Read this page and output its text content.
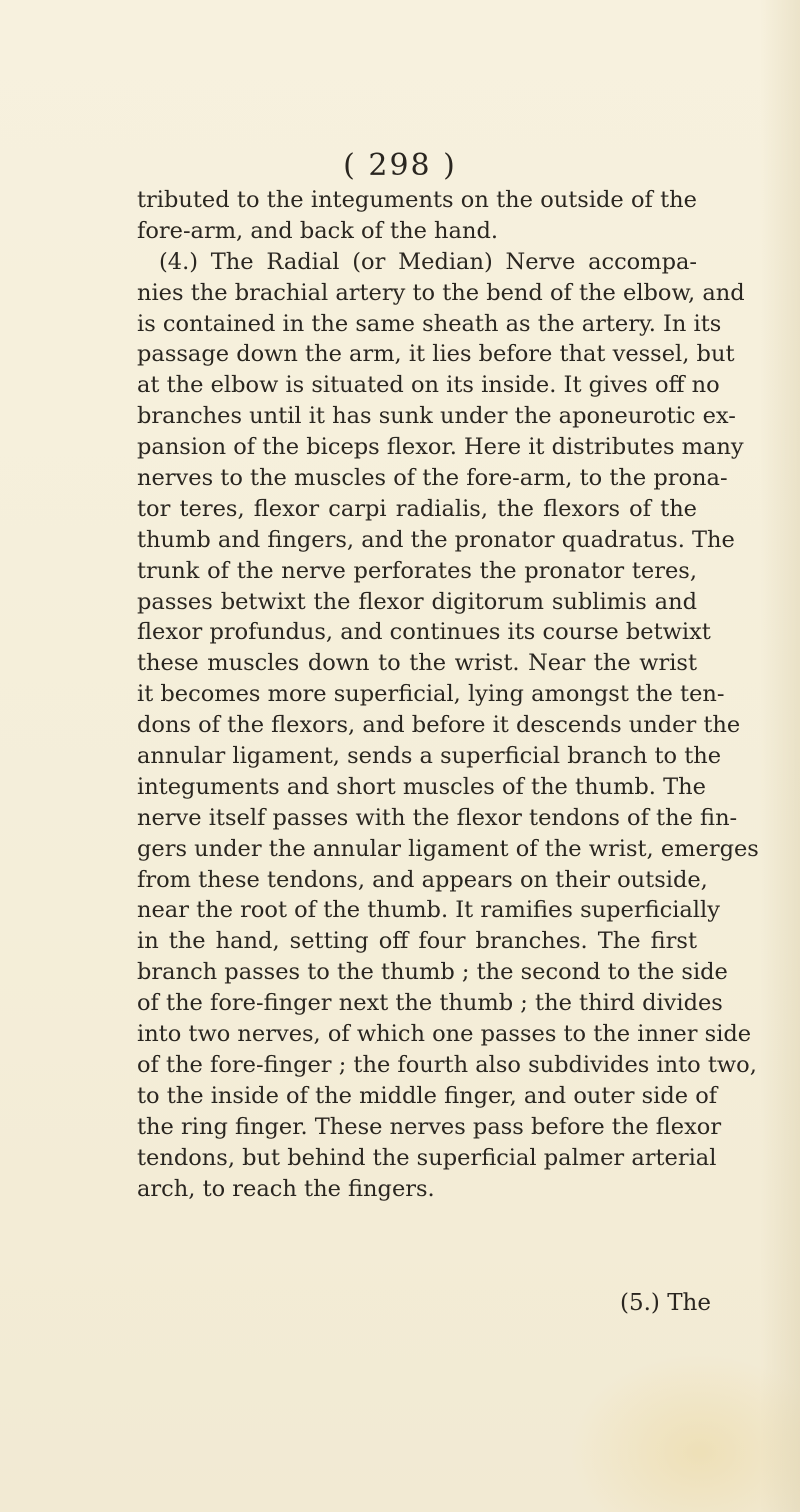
( 298 )
tributed to the integuments on the outside of the
fore-arm, and back of the hand.
(4.) The Radial (or Median) Nerve accompa-
nies the brachial artery to the bend of the elbow, and
is contained in the same sheath as the artery. In its
passage down the arm, it lies before that vessel, but
at the elbow is situated on its inside. It gives off no
branches until it has sunk under the aponeurotic ex-
pansion of the biceps flexor. Here it distributes many
nerves to the muscles of the fore-arm, to the prona-
tor teres, flexor carpi radialis, the flexors of the
thumb and fingers, and the pronator quadratus. The
trunk of the nerve perforates the pronator teres,
passes betwixt the flexor digitorum sublimis and
flexor profundus, and continues its course betwixt
these muscles down to the wrist. Near the wrist
it becomes more superficial, lying amongst the ten-
dons of the flexors, and before it descends under the
annular ligament, sends a superficial branch to the
integuments and short muscles of the thumb. The
nerve itself passes with the flexor tendons of the fin-
gers under the annular ligament of the wrist, emerges
from these tendons, and appears on their outside,
near the root of the thumb. It ramifies superficially
in the hand, setting off four branches. The first
branch passes to the thumb ; the second to the side
of the fore-finger next the thumb ; the third divides
into two nerves, of which one passes to the inner side
of the fore-finger ; the fourth also subdivides into two,
to the inside of the middle finger, and outer side of
the ring finger. These nerves pass before the flexor
tendons, but behind the superficial palmer arterial
arch, to reach the fingers.
(5.) The
